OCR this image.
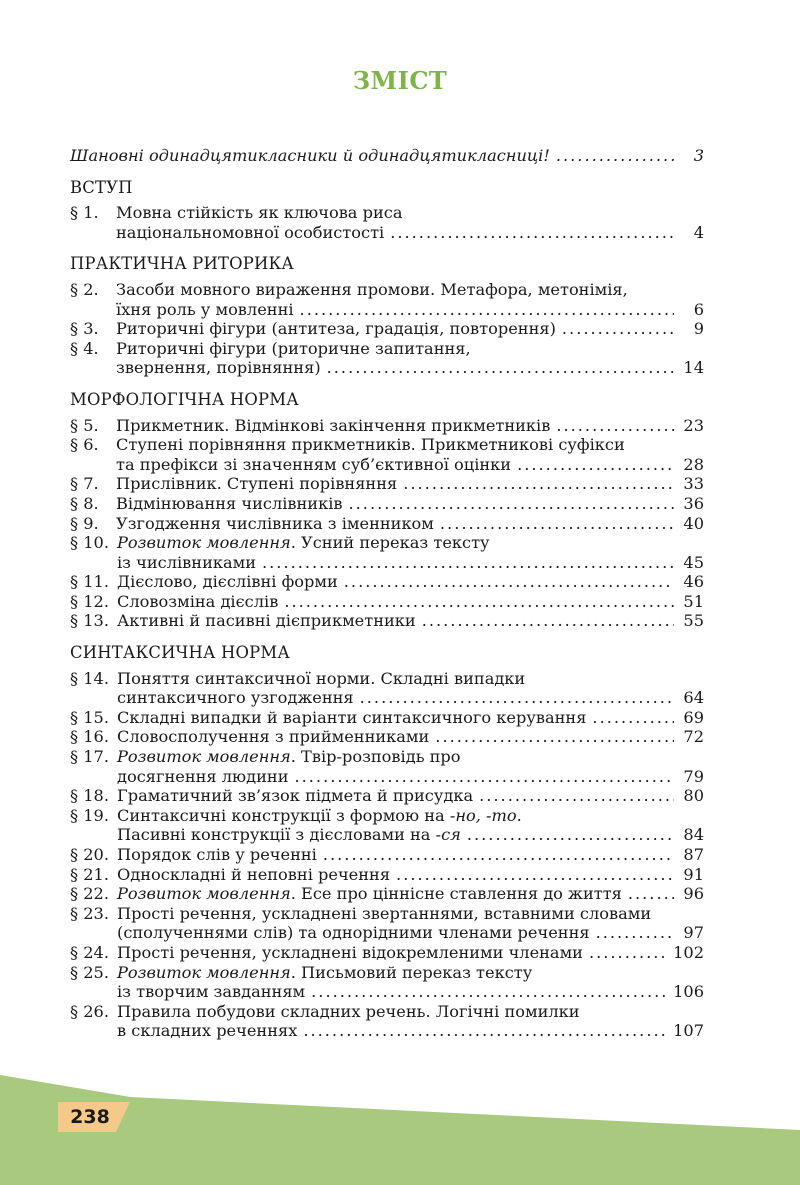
ЗМІСТ
Шановні одинадцятикласники й одинадцятикласниці! .....	3
ВСТУП
§ 1.	Мовна стійкість як ключова риса
національномовної особистості .....	4
ПРАКТИЧНА РИТОРИКА
§ 2.	Засоби мовного вираження промови. Метафора, метонімія,
їхня роль у мовленні .....	6
§ 3.	Риторичні фігури (антитеза, градація, повторення) .....	9
§ 4.	Риторичні фігури (риторичне запитання,
звернення, порівняння) .....	14
МОРФОЛОГІЧНА НОРМА
§ 5.	Прикметник. Відмінкові закінчення прикметників .....	23
§ 6.	Ступені порівняння прикметників. Прикметникові суфікси
та префікси зі значенням суб’єктивної оцінки .....	28
§ 7.	Прислівник. Ступені порівняння .....	33
§ 8.	Відмінювання числівників .....	36
§ 9.	Узгодження числівника з іменником .....	40
§ 10. Розвиток мовлення . Усний переказ тексту
із числівниками .....	45
§ 11. Дієслово, дієслівні форми .....	46
§ 12. Словозміна дієслів .....	51
§ 13. Активні й пасивні дієприкметники .....	55
СИНТАКСИЧНА НОРМА
§ 14. Поняття синтаксичної норми. Складні випадки
синтаксичного узгодження .....	64
§ 15. Складні випадки й варіанти синтаксичного керування .....	69
§ 16. Словосполучення з прийменниками .....	72
§ 17. Розвиток мовлення . Твір-розповідь про
досягнення людини .....	79
§ 18. Граматичний зв’язок підмета й присудка .....	80
§ 19. Синтаксичні конструкції з формою на
-но, -то .
Пасивні конструкції з дієсловами на
-ся .....	84
§ 20. Порядок слів у реченні .....	87
§ 21. Односкладні й неповні речення .....	91
§ 22. Розвиток мовлення . Есе про ціннісне ставлення до життя .....	96
§ 23. Прості речення, ускладнені звертаннями, вставними словами
(сполученнями слів) та однорідними членами речення .....	97
§ 24. Прості речення, ускладнені відокремленими членами .....	102
§ 25. Розвиток мовлення . Письмовий переказ тексту
із творчим завданням .....	106
§ 26. Правила побудови складних речень. Логічні помилки
в складних реченнях .....	107
238
